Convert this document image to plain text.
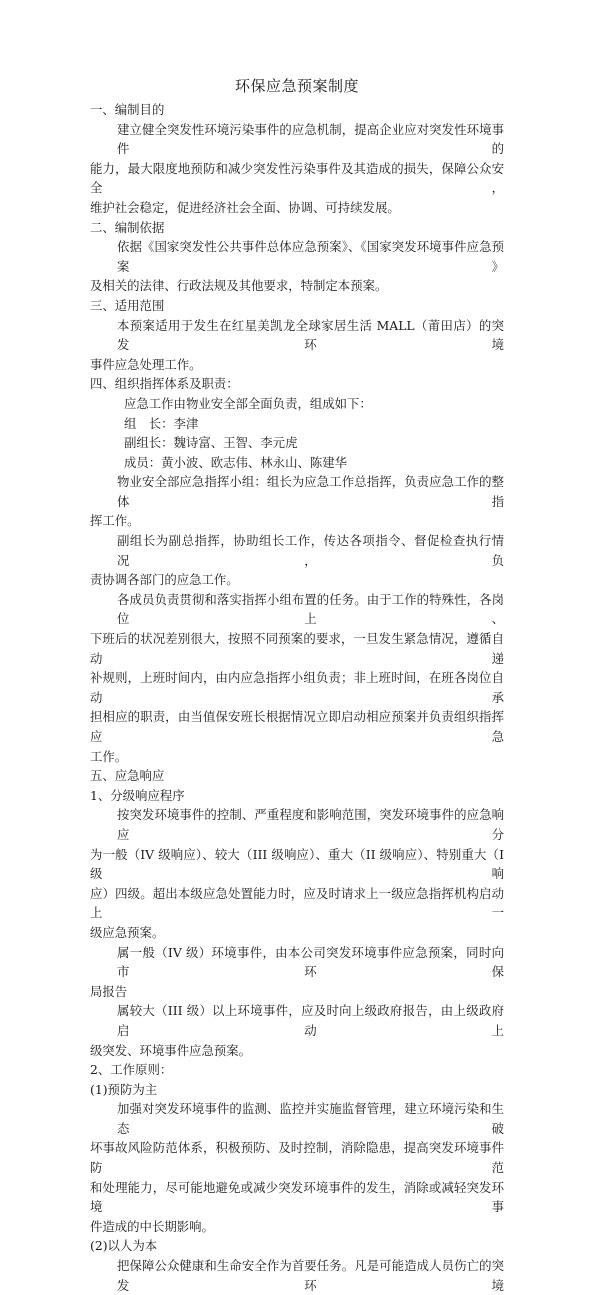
环保应急预案制度
一、编制目的
建立健全突发性环境污染事件的应急机制，提高企业应对突发性环境事件的
能力，最大限度地预防和减少突发性污染事件及其造成的损失，保障公众安全，
维护社会稳定，促进经济社会全面、协调、可持续发展。
二、编制依据
依据《国家突发性公共事件总体应急预案》、《国家突发环境事件应急预案》
及相关的法律、行政法规及其他要求，特制定本预案。
三、适用范围
本预案适用于发生在红星美凯龙全球家居生活 MALL（莆田店）的突发环境
事件应急处理工作。
四、组织指挥体系及职责：
应急工作由物业安全部全面负责，组成如下：
组　长：李津
副组长：魏诗富、王智、李元虎
成员：黄小波、欧志伟、林永山、陈建华
物业安全部应急指挥小组：组长为应急工作总指挥，负责应急工作的整体指
挥工作。
副组长为副总指挥，协助组长工作，传达各项指令、督促检查执行情况，负
责协调各部门的应急工作。
各成员负责贯彻和落实指挥小组布置的任务。由于工作的特殊性，各岗位上、
下班后的状况差别很大，按照不同预案的要求，一旦发生紧急情况，遵循自动递
补规则，上班时间内，由内应急指挥小组负责；非上班时间，在班各岗位自动承
担相应的职责，由当值保安班长根据情况立即启动相应预案并负责组织指挥应急
工作。
五、应急响应
1、分级响应程序
按突发环境事件的控制、严重程度和影响范围，突发环境事件的应急响应分
为一般（IV 级响应）、较大（III 级响应）、重大（II 级响应）、特别重大（I 级响
应）四级。超出本级应急处置能力时，应及时请求上一级应急指挥机构启动上一
级应急预案。
属一般（IV 级）环境事件，由本公司突发环境事件应急预案，同时向市环保
局报告
属较大（III 级）以上环境事件，应及时向上级政府报告，由上级政府启动上
级突发、环境事件应急预案。
2、工作原则：
(1)预防为主
加强对突发环境事件的监测、监控并实施监督管理，建立环境污染和生态破
坏事故风险防范体系，积极预防、及时控制，消除隐患，提高突发环境事件防范
和处理能力，尽可能地避免或减少突发环境事件的发生，消除或减轻突发环境事
件造成的中长期影响。
(2)以人为本
把保障公众健康和生命安全作为首要任务。凡是可能造成人员伤亡的突发环境
